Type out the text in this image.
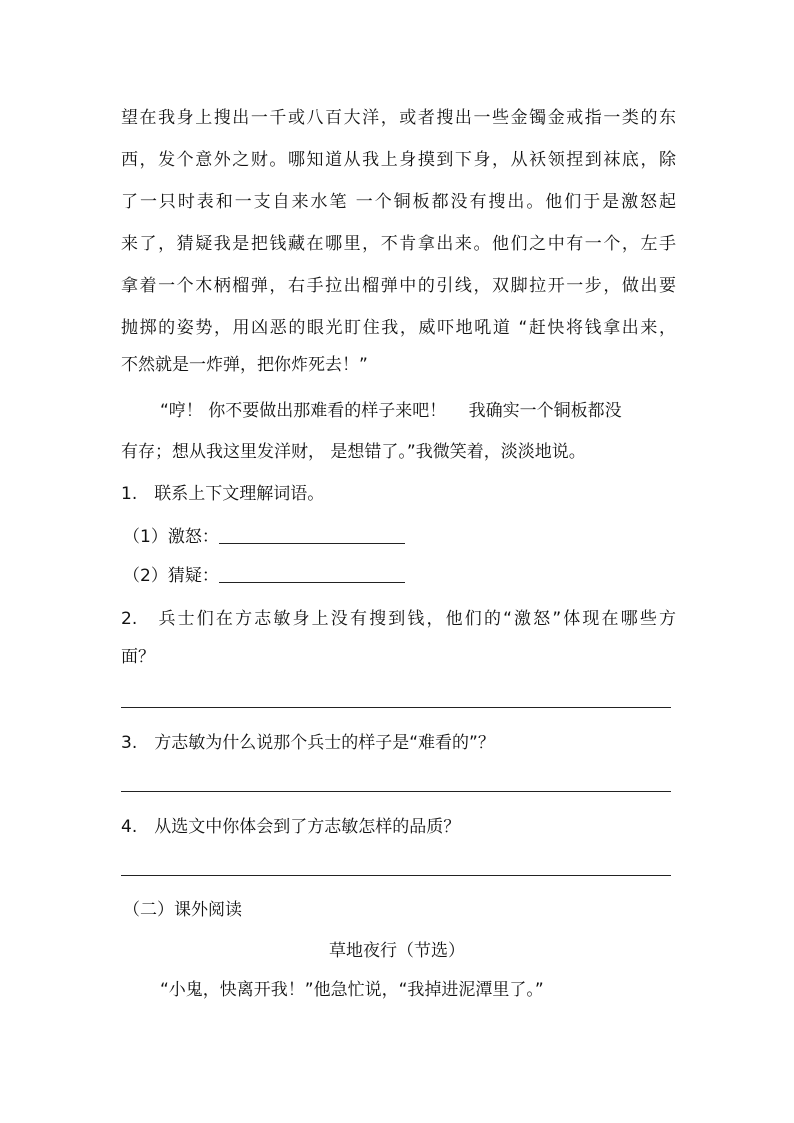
望在我身上搜出一千或八百大洋，或者搜出一些金镯金戒指一类的东
西，发个意外之财。哪知道从我上身摸到下身，从袄领捏到袜底，除
了一只时表和一支自来水笔 一个铜板都没有搜出。他们于是激怒起
来了，猜疑我是把钱藏在哪里，不肯拿出来。他们之中有一个，左手
拿着一个木柄榴弹，右手拉出榴弹中的引线，双脚拉开一步，做出要
抛掷的姿势，用凶恶的眼光盯住我，威吓地吼道 “赶快将钱拿出来，
不然就是一炸弹，把你炸死去！”
“哼！ 你不要做出那难看的样子来吧！　 我确实一个铜板都没
有存；想从我这里发洋财， 是想错了。”我微笑着，淡淡地说。
1.　联系上下文理解词语。
（1）激怒：
（2）猜疑：
2.　兵士们在方志敏身上没有搜到钱，他们的“激怒”体现在哪些方
面？
3.　方志敏为什么说那个兵士的样子是“难看的”？
4.　从选文中你体会到了方志敏怎样的品质？
（二）课外阅读
草地夜行（节选）
“小鬼，快离开我！”他急忙说，“我掉进泥潭里了。”
